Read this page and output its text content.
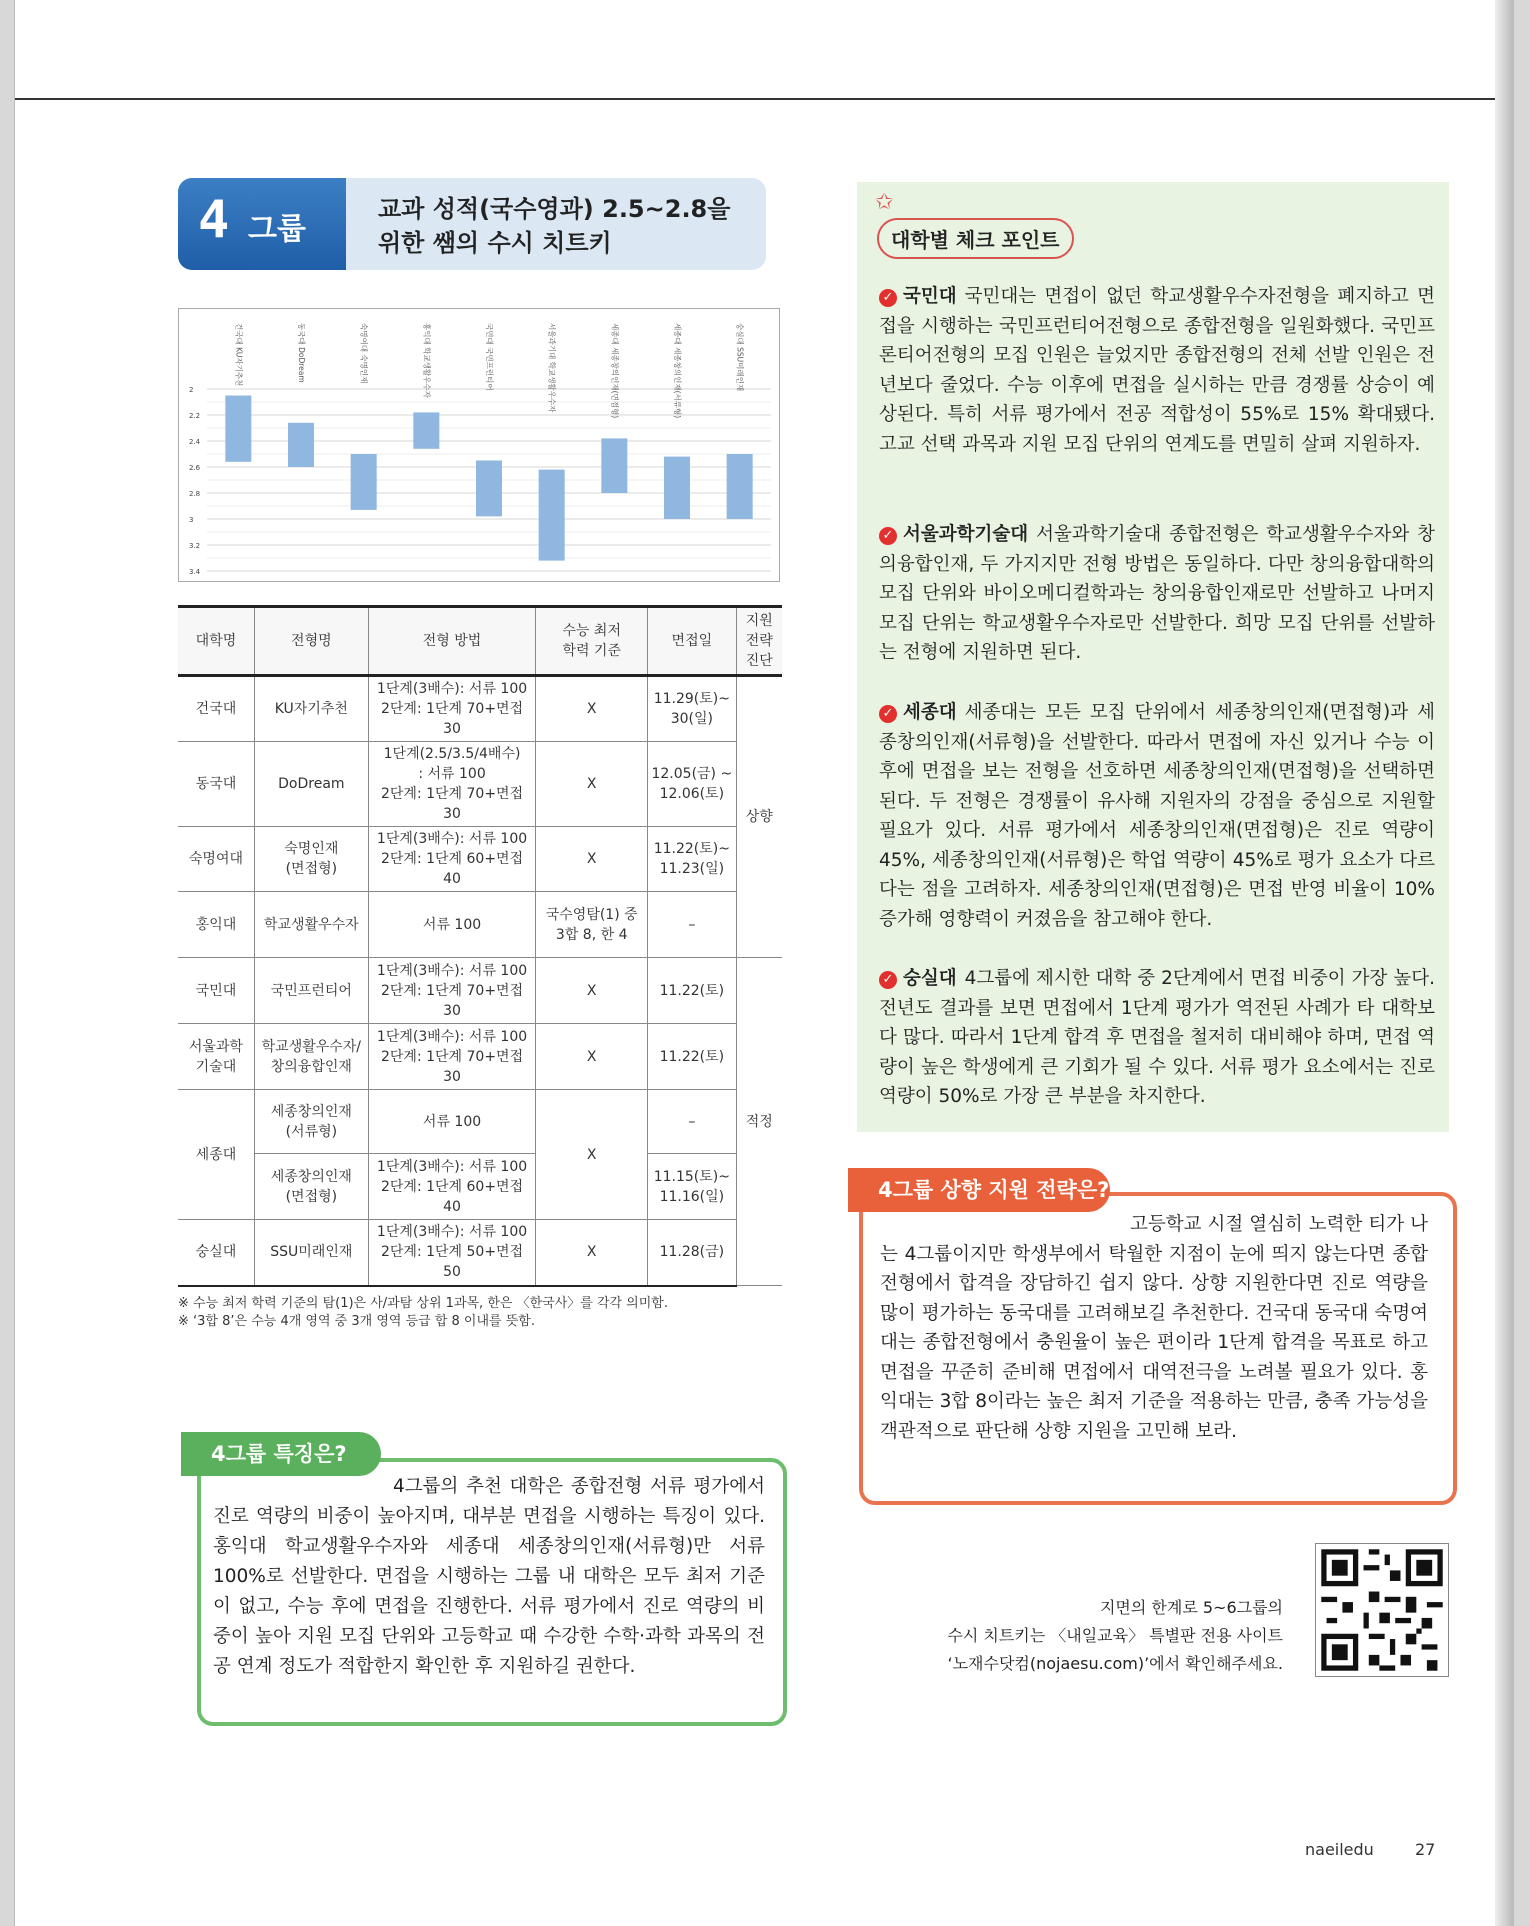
4 그룹
교과 성적(국수영과) 2.5~2.8을
위한 쌤의 수시 치트키
2
2.2
2.4
2.6
2.8
3
3.2
3.4
건국대 KU자기추천	동국대 DoDream	숙명여대 숙명인재	홍익대 학교생활우수자	국민대 국민프런티어	서울과기대 학교생활우수자	세종대 세종창의인재(면접형)	세종대 세종창의인재(서류형)	숭실대 SSU미래인재
대학명	전형명	전형 방법	수능 최저
학력 기준	면접일	지원
전략
진단
건국대	KU자기추천	1단계(3배수): 서류 100
2단계: 1단계 70+면접 30	X	11.29(토)~
30(일)	상향
동국대	DoDream	1단계(2.5/3.5/4배수)
: 서류 100
2단계: 1단계 70+면접 30	X	12.05(금) ~
12.06(토)	
숙명여대	숙명인재
(면접형)	1단계(3배수): 서류 100
2단계: 1단계 60+면접 40	X	11.22(토)~
11.23(일)	
홍익대	학교생활우수자	서류 100	국수영탐(1) 중
3합 8, 한 4	–	
국민대	국민프런티어	1단계(3배수): 서류 100
2단계: 1단계 70+면접 30	X	11.22(토)	적정
서울과학
기술대	학교생활우수자/
창의융합인재	1단계(3배수): 서류 100
2단계: 1단계 70+면접 30	X	11.22(토)	
세종대	세종창의인재
(서류형)	서류 100	X	–	
	세종창의인재
(면접형)	1단계(3배수): 서류 100
2단계: 1단계 60+면접 40		11.15(토)~
11.16(일)	
숭실대	SSU미래인재	1단계(3배수): 서류 100
2단계: 1단계 50+면접 50	X	11.28(금)	
※ 수능 최저 학력 기준의 탐(1)은 사/과탐 상위 1과목, 한은 〈한국사〉를 각각 의미함.
※ ‘3합 8’은 수능 4개 영역 중 3개 영역 등급 합 8 이내를 뜻함.
4그룹 특징은?
4그룹의 추천 대학은 종합전형 서류 평가에서 진로 역량의 비중이 높아지며, 대부분 면접을 시행하는 특징이 있다. 홍익대 학교생활우수자와 세종대 세종창의인재(서류형)만 서류 100%로 선발한다. 면접을 시행하는 그룹 내 대학은 모두 최저 기준이 없고, 수능 후에 면접을 진행한다. 서류 평가에서 진로 역량의 비중이 높아 지원 모집 단위와 고등학교 때 수강한 수학·과학 과목의 전공 연계 정도가 적합한지 확인한 후 지원하길 권한다.
✩
대학별 체크 포인트
✓ 국민대 국민대는 면접이 없던 학교생활우수자전형을 폐지하고 면접을 시행하는 국민프런티어전형으로 종합전형을 일원화했다. 국민프론티어전형의 모집 인원은 늘었지만 종합전형의 전체 선발 인원은 전년보다 줄었다. 수능 이후에 면접을 실시하는 만큼 경쟁률 상승이 예상된다. 특히 서류 평가에서 전공 적합성이 55%로 15% 확대됐다. 고교 선택 과목과 지원 모집 단위의 연계도를 면밀히 살펴 지원하자.
✓ 서울과학기술대 서울과학기술대 종합전형은 학교생활우수자와 창의융합인재, 두 가지지만 전형 방법은 동일하다. 다만 창의융합대학의 모집 단위와 바이오메디컬학과는 창의융합인재로만 선발하고 나머지 모집 단위는 학교생활우수자로만 선발한다. 희망 모집 단위를 선발하는 전형에 지원하면 된다.
✓ 세종대 세종대는 모든 모집 단위에서 세종창의인재(면접형)과 세종창의인재(서류형)을 선발한다. 따라서 면접에 자신 있거나 수능 이후에 면접을 보는 전형을 선호하면 세종창의인재(면접형)을 선택하면 된다. 두 전형은 경쟁률이 유사해 지원자의 강점을 중심으로 지원할 필요가 있다. 서류 평가에서 세종창의인재(면접형)은 진로 역량이 45%, 세종창의인재(서류형)은 학업 역량이 45%로 평가 요소가 다르다는 점을 고려하자. 세종창의인재(면접형)은 면접 반영 비율이 10% 증가해 영향력이 커졌음을 참고해야 한다.
✓ 숭실대 4그룹에 제시한 대학 중 2단계에서 면접 비중이 가장 높다. 전년도 결과를 보면 면접에서 1단계 평가가 역전된 사례가 타 대학보다 많다. 따라서 1단계 합격 후 면접을 철저히 대비해야 하며, 면접 역량이 높은 학생에게 큰 기회가 될 수 있다. 서류 평가 요소에서는 진로 역량이 50%로 가장 큰 부분을 차지한다.
4그룹 상향 지원 전략은?
고등학교 시절 열심히 노력한 티가 나는 4그룹이지만 학생부에서 탁월한 지점이 눈에 띄지 않는다면 종합전형에서 합격을 장담하긴 쉽지 않다. 상향 지원한다면 진로 역량을 많이 평가하는 동국대를 고려해보길 추천한다. 건국대 동국대 숙명여대는 종합전형에서 충원율이 높은 편이라 1단계 합격을 목표로 하고 면접을 꾸준히 준비해 면접에서 대역전극을 노려볼 필요가 있다. 홍익대는 3합 8이라는 높은 최저 기준을 적용하는 만큼, 충족 가능성을 객관적으로 판단해 상향 지원을 고민해 보라.
지면의 한계로 5~6그룹의
수시 치트키는 〈내일교육〉 특별판 전용 사이트
‘노재수닷컴(nojaesu.com)’에서 확인해주세요.
naeiledu	27
